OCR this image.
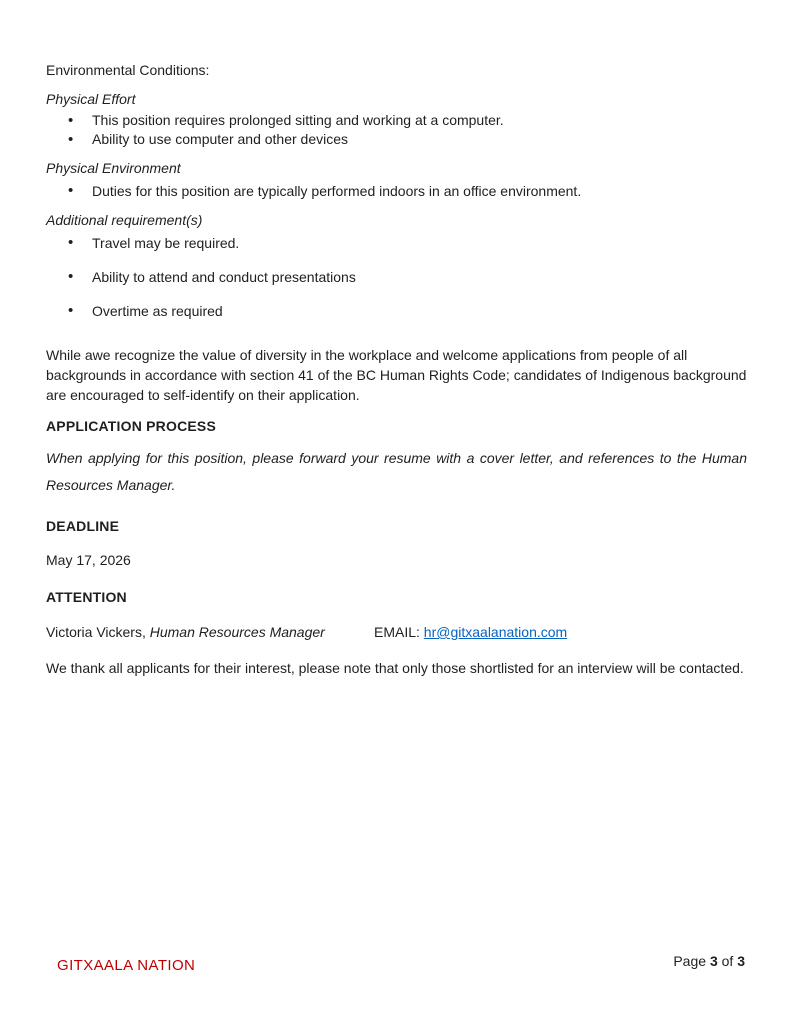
Environmental Conditions:
Physical Effort
• This position requires prolonged sitting and working at a computer.
• Ability to use computer and other devices
Physical Environment
• Duties for this position are typically performed indoors in an office environment.
Additional requirement(s)
• Travel may be required.
• Ability to attend and conduct presentations
• Overtime as required
While awe recognize the value of diversity in the workplace and welcome applications from people of all backgrounds in accordance with section 41 of the BC Human Rights Code; candidates of Indigenous background are encouraged to self-identify on their application.
APPLICATION PROCESS
When applying for this position, please forward your resume with a cover letter, and references to the Human Resources Manager.
DEADLINE
May 17, 2026
ATTENTION
Victoria Vickers, Human Resources Manager	EMAIL: hr@gitxaalanation.com
We thank all applicants for their interest, please note that only those shortlisted for an interview will be contacted.
GITXAALA NATION	Page 3 of 3
